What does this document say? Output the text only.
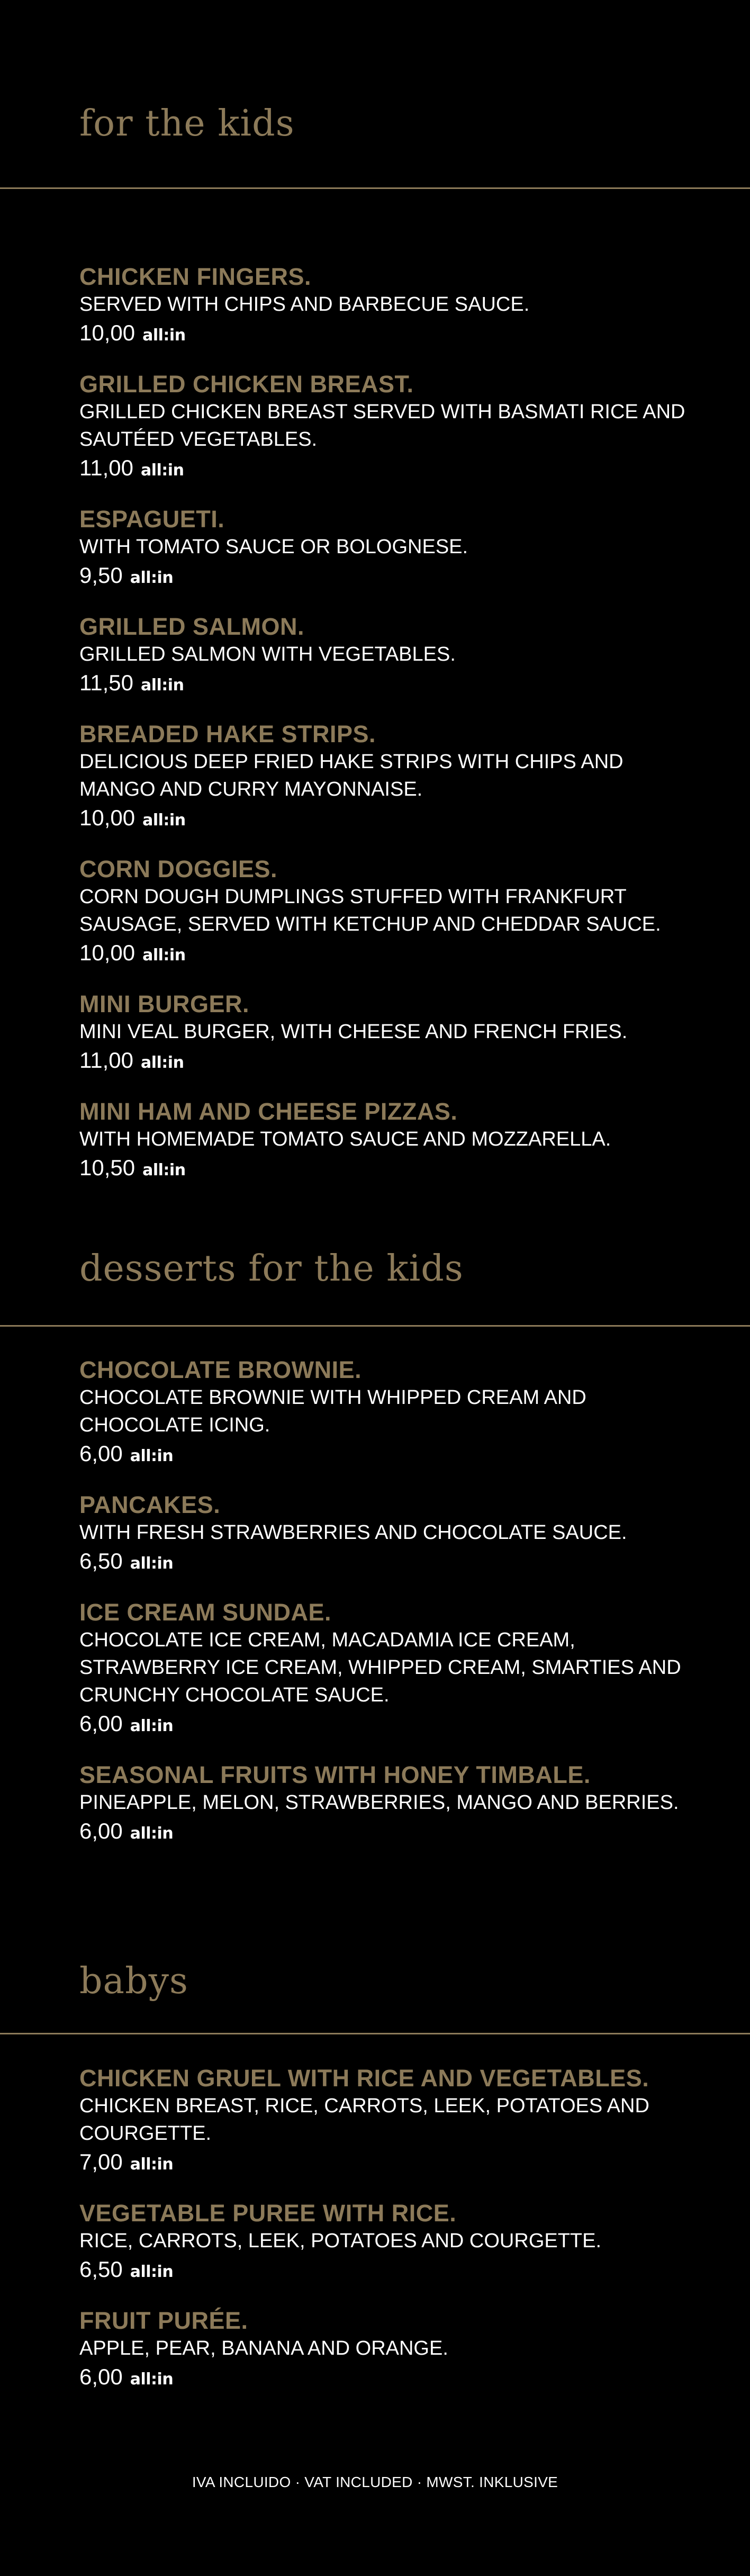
for the kids
CHICKEN FINGERS.
SERVED WITH CHIPS AND BARBECUE SAUCE.
10,00 all:in
GRILLED CHICKEN BREAST.
GRILLED CHICKEN BREAST SERVED WITH BASMATI RICE AND SAUTÉED VEGETABLES.
11,00 all:in
ESPAGUETI.
WITH TOMATO SAUCE OR BOLOGNESE.
9,50 all:in
GRILLED SALMON.
GRILLED SALMON WITH VEGETABLES.
11,50 all:in
BREADED HAKE STRIPS.
DELICIOUS DEEP FRIED HAKE STRIPS WITH CHIPS AND MANGO AND CURRY MAYONNAISE.
10,00 all:in
CORN DOGGIES.
CORN DOUGH DUMPLINGS STUFFED WITH FRANKFURT SAUSAGE, SERVED WITH KETCHUP AND CHEDDAR SAUCE.
10,00 all:in
MINI BURGER.
MINI VEAL BURGER, WITH CHEESE AND FRENCH FRIES.
11,00 all:in
MINI HAM AND CHEESE PIZZAS.
WITH HOMEMADE TOMATO SAUCE AND MOZZARELLA.
10,50 all:in
desserts for the kids
CHOCOLATE BROWNIE.
CHOCOLATE BROWNIE WITH WHIPPED CREAM AND CHOCOLATE ICING.
6,00 all:in
PANCAKES.
WITH FRESH STRAWBERRIES AND CHOCOLATE SAUCE.
6,50 all:in
ICE CREAM SUNDAE.
CHOCOLATE ICE CREAM, MACADAMIA ICE CREAM, STRAWBERRY ICE CREAM, WHIPPED CREAM, SMARTIES AND CRUNCHY CHOCOLATE SAUCE.
6,00 all:in
SEASONAL FRUITS WITH HONEY TIMBALE.
PINEAPPLE, MELON, STRAWBERRIES, MANGO AND BERRIES.
6,00 all:in
babys
CHICKEN GRUEL WITH RICE AND VEGETABLES.
CHICKEN BREAST, RICE, CARROTS, LEEK, POTATOES AND COURGETTE.
7,00 all:in
VEGETABLE PUREE WITH RICE.
RICE, CARROTS, LEEK, POTATOES AND COURGETTE.
6,50 all:in
FRUIT PURÉE.
APPLE, PEAR, BANANA AND ORANGE.
6,00 all:in
IVA INCLUIDO · VAT INCLUDED · MWST. INKLUSIVE
